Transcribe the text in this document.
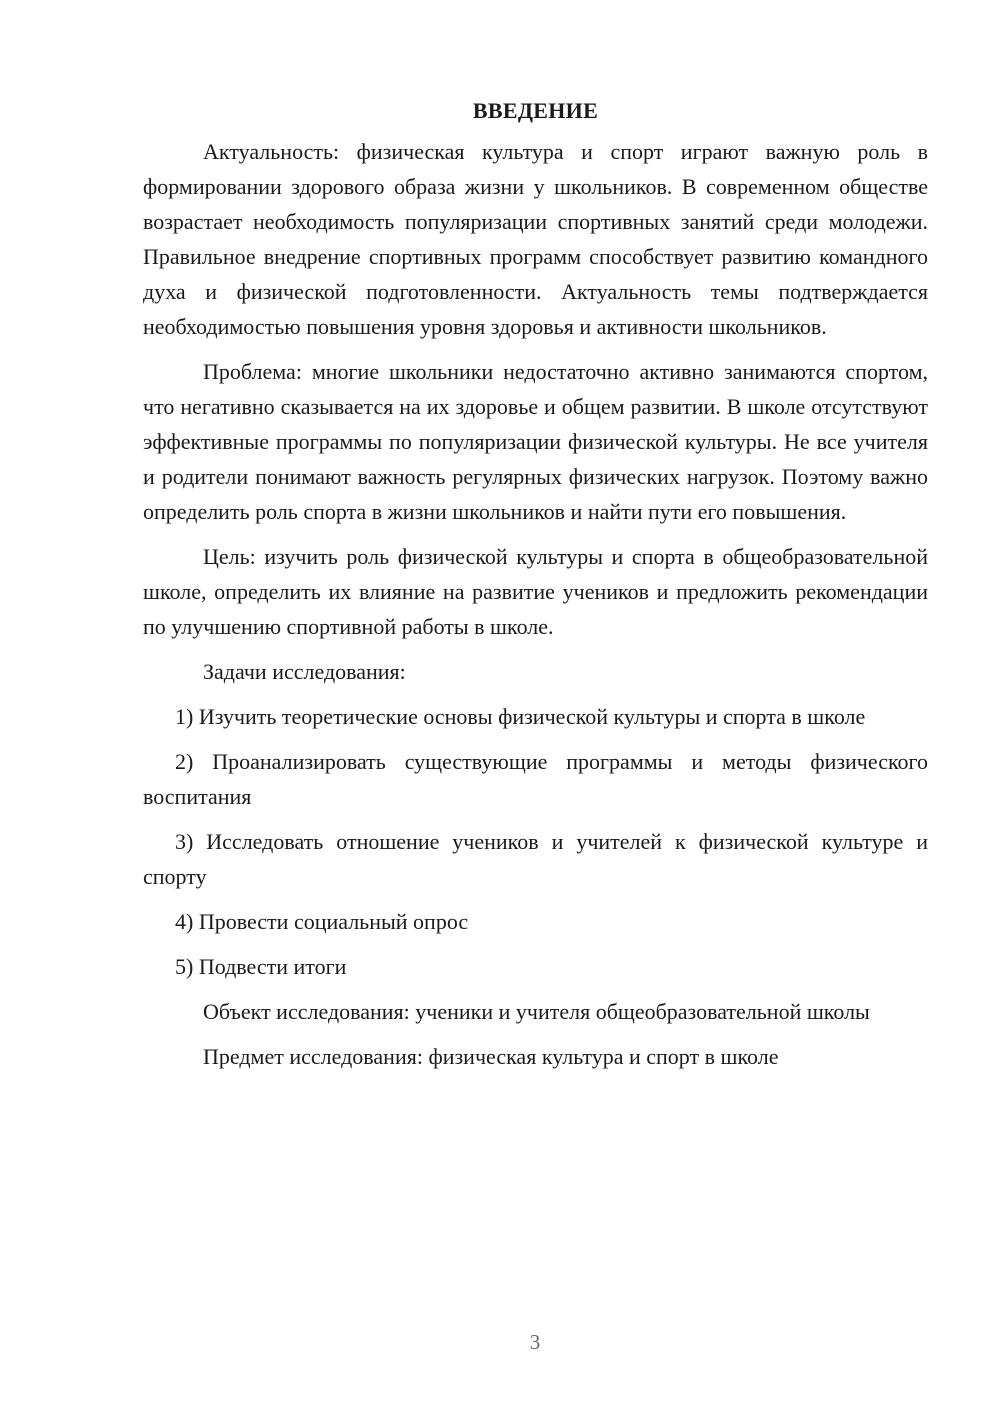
ВВЕДЕНИЕ

Актуальность: физическая культура и спорт играют важную роль в формировании здорового образа жизни у школьников. В современном обществе возрастает необходимость популяризации спортивных занятий среди молодежи. Правильное внедрение спортивных программ способствует развитию командного духа и физической подготовленности. Актуальность темы подтверждается необходимостью повышения уровня здоровья и активности школьников.

Проблема: многие школьники недостаточно активно занимаются спортом, что негативно сказывается на их здоровье и общем развитии. В школе отсутствуют эффективные программы по популяризации физической культуры. Не все учителя и родители понимают важность регулярных физических нагрузок. Поэтому важно определить роль спорта в жизни школьников и найти пути его повышения.

Цель: изучить роль физической культуры и спорта в общеобразовательной школе, определить их влияние на развитие учеников и предложить рекомендации по улучшению спортивной работы в школе.

Задачи исследования:

1) Изучить теоретические основы физической культуры и спорта в школе

2) Проанализировать существующие программы и методы физического воспитания

3) Исследовать отношение учеников и учителей к физической культуре и спорту

4) Провести социальный опрос

5) Подвести итоги

Объект исследования: ученики и учителя общеобразовательной школы

Предмет исследования: физическая культура и спорт в школе

3
